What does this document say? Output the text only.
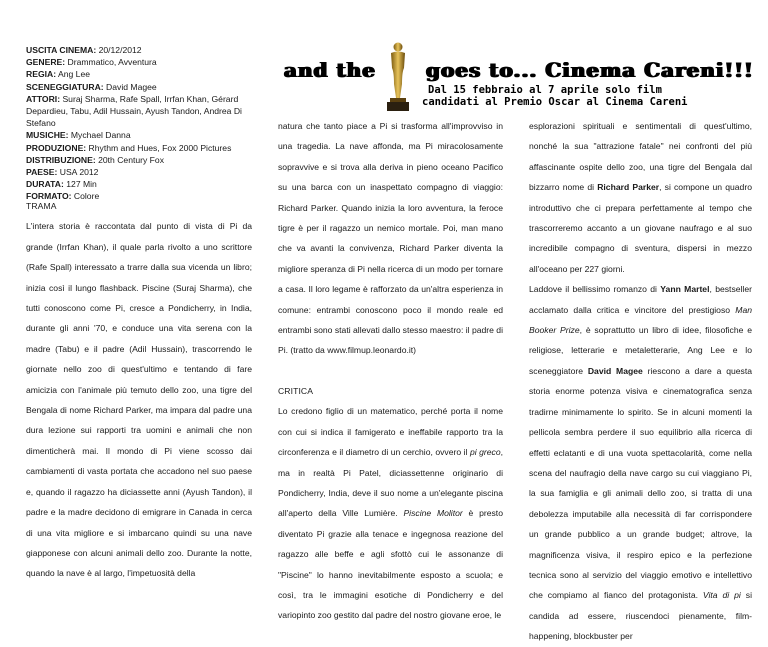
USCITA CINEMA: 20/12/2012
GENERE: Drammatico, Avventura
REGIA: Ang Lee
SCENEGGIATURA: David Magee
ATTORI: Suraj Sharma, Rafe Spall, Irrfan Khan, Gérard Depardieu, Tabu, Adil Hussain, Ayush Tandon, Andrea Di Stefano
MUSICHE: Mychael Danna
PRODUZIONE: Rhythm and Hues, Fox 2000 Pictures
DISTRIBUZIONE: 20th Century Fox
PAESE: USA 2012
DURATA: 127 Min
FORMATO: Colore
and the	goes to... Cinema Careni!!!
Dal 15 febbraio al 7 aprile solo film
candidati al Premio Oscar al Cinema Careni

TRAMA

L'intera storia è raccontata dal punto di vista di Pi da grande (Irrfan Khan), il quale parla rivolto a uno scrittore (Rafe Spall) interessato a trarre dalla sua vicenda un libro; inizia così il lungo flashback. Piscine (Suraj Sharma), che tutti conoscono come Pi, cresce a Pondicherry, in India, durante gli anni '70, e conduce una vita serena con la madre (Tabu) e il padre (Adil Hussain), trascorrendo le giornate nello zoo di quest'ultimo e tentando di fare amicizia con l'animale più temuto dello zoo, una tigre del Bengala di nome Richard Parker, ma impara dal padre una dura lezione sui rapporti tra uomini e animali che non dimenticherà mai. Il mondo di Pi viene scosso dai cambiamenti di vasta portata che accadono nel suo paese e, quando il ragazzo ha diciassette anni (Ayush Tandon), il padre e la madre decidono di emigrare in Canada in cerca di una vita migliore e si imbarcano quindi su una nave giapponese con alcuni animali dello zoo. Durante la notte, quando la nave è al largo, l'impetuosità della

natura che tanto piace a Pi si trasforma all'improvviso in una tragedia. La nave affonda, ma Pi miracolosamente sopravvive e si trova alla deriva in pieno oceano Pacifico su una barca con un inaspettato compagno di viaggio: Richard Parker. Quando inizia la loro avventura, la feroce tigre è per il ragazzo un nemico mortale. Poi, man mano che va avanti la convivenza, Richard Parker diventa la migliore speranza di Pi nella ricerca di un modo per tornare a casa. Il loro legame è rafforzato da un'altra esperienza in comune: entrambi conoscono poco il mondo reale ed entrambi sono stati allevati dallo stesso maestro: il padre di Pi. (tratto da www.filmup.leonardo.it)

CRITICA

Lo credono figlio di un matematico, perché porta il nome con cui si indica il famigerato e ineffabile rapporto tra la circonferenza e il diametro di un cerchio, ovvero il pi greco, ma in realtà Pi Patel, diciassettenne originario di Pondicherry, India, deve il suo nome a un'elegante piscina all'aperto della Ville Lumière. Piscine Molitor è presto diventato Pi grazie alla tenace e ingegnosa reazione del ragazzo alle beffe e agli sfottò cui le assonanze di "Piscine" lo hanno inevitabilmente esposto a scuola; e così, tra le immagini esotiche di Pondicherry e del variopinto zoo gestito dal padre del nostro giovane eroe, le

esplorazioni spirituali e sentimentali di quest'ultimo, nonché la sua "attrazione fatale" nei confronti del più affascinante ospite dello zoo, una tigre del Bengala dal bizzarro nome di Richard Parker, si compone un quadro introduttivo che ci prepara perfettamente al tempo che trascorreremo accanto a un giovane naufrago e al suo incredibile compagno di sventura, dispersi in mezzo all'oceano per 227 giorni.

Laddove il bellissimo romanzo di Yann Martel, bestseller acclamato dalla critica e vincitore del prestigioso Man Booker Prize, è soprattutto un libro di idee, filosofiche e religiose, letterarie e metaletterarie, Ang Lee e lo sceneggiatore David Magee riescono a dare a questa storia enorme potenza visiva e cinematografica senza tradirne minimamente lo spirito. Se in alcuni momenti la pellicola sembra perdere il suo equilibrio alla ricerca di effetti eclatanti e di una vuota spettacolarità, come nella scena del naufragio della nave cargo su cui viaggiano Pi, la sua famiglia e gli animali dello zoo, si tratta di una debolezza imputabile alla necessità di far corrispondere un grande pubblico a un grande budget; altrove, la magnificenza visiva, il respiro epico e la perfezione tecnica sono al servizio del viaggio emotivo e intellettivo che compiamo al fianco del protagonista. Vita di pi si candida ad essere, riuscendoci pienamente, film-happening, blockbuster per
